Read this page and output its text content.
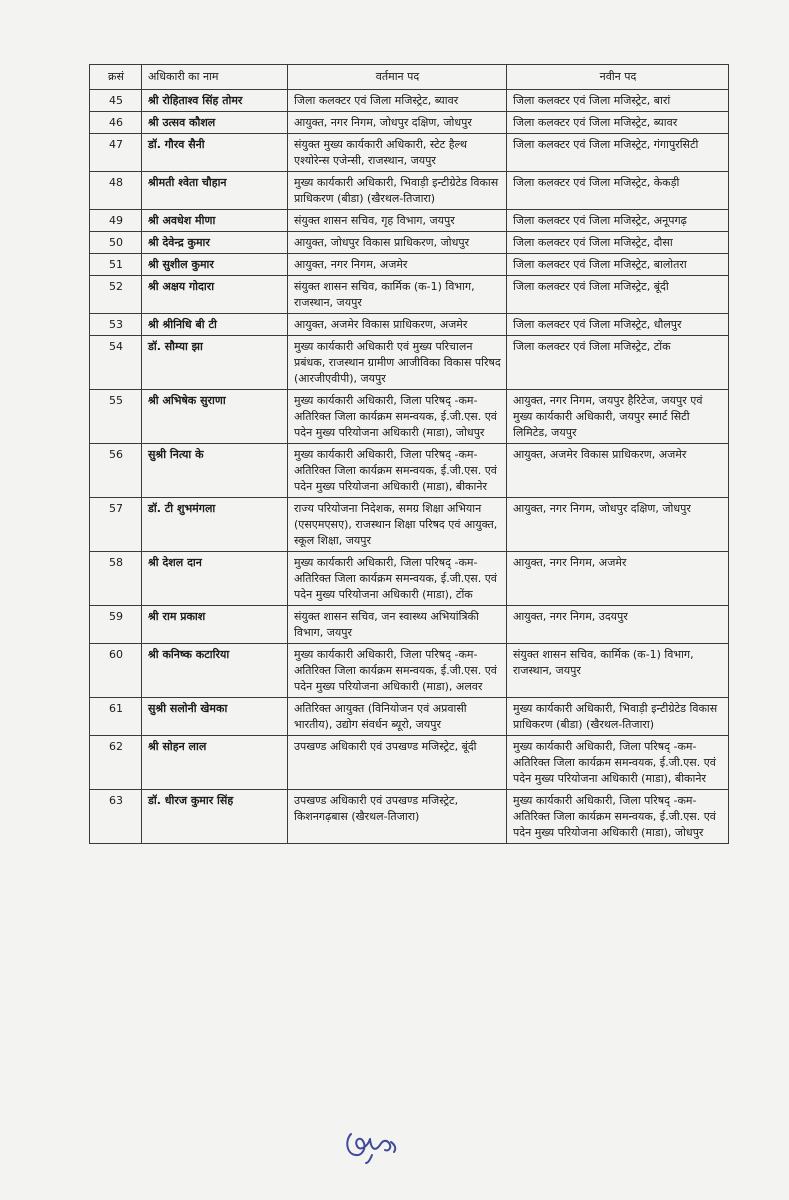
क्रसं	अधिकारी का नाम	वर्तमान पद	नवीन पद
45	श्री रोहिताश्व सिंह तोमर	जिला कलक्टर एवं जिला मजिस्ट्रेट, ब्यावर	जिला कलक्टर एवं जिला मजिस्ट्रेट, बारां
46	श्री उत्सव कौशल	आयुक्त, नगर निगम, जोधपुर दक्षिण, जोधपुर	जिला कलक्टर एवं जिला मजिस्ट्रेट, ब्यावर
47	डॉ. गौरव सैनी	संयुक्त मुख्य कार्यकारी अधिकारी, स्टेट हैल्थ एश्योरेन्स एजेन्सी, राजस्थान, जयपुर	जिला कलक्टर एवं जिला मजिस्ट्रेट, गंगापुरसिटी
48	श्रीमती श्वेता चौहान	मुख्य कार्यकारी अधिकारी, भिवाड़ी इन्टीग्रेटेड विकास प्राधिकरण (बीडा) (खैरथल-तिजारा)	जिला कलक्टर एवं जिला मजिस्ट्रेट, केकड़ी
49	श्री अवधेश मीणा	संयुक्त शासन सचिव, गृह विभाग, जयपुर	जिला कलक्टर एवं जिला मजिस्ट्रेट, अनूपगढ़
50	श्री देवेन्द्र कुमार	आयुक्त, जोधपुर विकास प्राधिकरण, जोधपुर	जिला कलक्टर एवं जिला मजिस्ट्रेट, दौसा
51	श्री सुशील कुमार	आयुक्त, नगर निगम, अजमेर	जिला कलक्टर एवं जिला मजिस्ट्रेट, बालोतरा
52	श्री अक्षय गोदारा	संयुक्त शासन सचिव, कार्मिक (क-1) विभाग, राजस्थान, जयपुर	जिला कलक्टर एवं जिला मजिस्ट्रेट, बूंदी
53	श्री श्रीनिधि बी टी	आयुक्त, अजमेर विकास प्राधिकरण, अजमेर	जिला कलक्टर एवं जिला मजिस्ट्रेट, धौलपुर
54	डॉ. सौम्या झा	मुख्य कार्यकारी अधिकारी एवं मुख्य परिचालन प्रबंधक, राजस्थान ग्रामीण आजीविका विकास परिषद (आरजीएवीपी), जयपुर	जिला कलक्टर एवं जिला मजिस्ट्रेट, टोंक
55	श्री अभिषेक सुराणा	मुख्य कार्यकारी अधिकारी, जिला परिषद् -कम- अतिरिक्त जिला कार्यक्रम समन्वयक, ई.जी.एस. एवं पदेन मुख्य परियोजना अधिकारी (माडा), जोधपुर	आयुक्त, नगर निगम, जयपुर हैरिटेज, जयपुर एवं मुख्य कार्यकारी अधिकारी, जयपुर स्मार्ट सिटी लिमिटेड, जयपुर
56	सुश्री नित्या के	मुख्य कार्यकारी अधिकारी, जिला परिषद् -कम- अतिरिक्त जिला कार्यक्रम समन्वयक, ई.जी.एस. एवं पदेन मुख्य परियोजना अधिकारी (माडा), बीकानेर	आयुक्त, अजमेर विकास प्राधिकरण, अजमेर
57	डॉ. टी शुभमंगला	राज्य परियोजना निदेशक, समग्र शिक्षा अभियान (एसएमएसए), राजस्थान शिक्षा परिषद एवं आयुक्त, स्कूल शिक्षा, जयपुर	आयुक्त, नगर निगम, जोधपुर दक्षिण, जोधपुर
58	श्री देशल दान	मुख्य कार्यकारी अधिकारी, जिला परिषद् -कम- अतिरिक्त जिला कार्यक्रम समन्वयक, ई.जी.एस. एवं पदेन मुख्य परियोजना अधिकारी (माडा), टोंक	आयुक्त, नगर निगम, अजमेर
59	श्री राम प्रकाश	संयुक्त शासन सचिव, जन स्वास्थ्य अभियांत्रिकी विभाग, जयपुर	आयुक्त, नगर निगम, उदयपुर
60	श्री कनिष्क कटारिया	मुख्य कार्यकारी अधिकारी, जिला परिषद् -कम- अतिरिक्त जिला कार्यक्रम समन्वयक, ई.जी.एस. एवं पदेन मुख्य परियोजना अधिकारी (माडा), अलवर	संयुक्त शासन सचिव, कार्मिक (क-1) विभाग, राजस्थान, जयपुर
61	सुश्री सलोनी खेमका	अतिरिक्त आयुक्त (विनियोजन एवं अप्रवासी भारतीय), उद्योग संवर्धन ब्यूरो, जयपुर	मुख्य कार्यकारी अधिकारी, भिवाड़ी इन्टीग्रेटेड विकास प्राधिकरण (बीडा) (खैरथल-तिजारा)
62	श्री सोहन लाल	उपखण्ड अधिकारी एवं उपखण्ड मजिस्ट्रेट, बूंदी	मुख्य कार्यकारी अधिकारी, जिला परिषद् -कम- अतिरिक्त जिला कार्यक्रम समन्वयक, ई.जी.एस. एवं पदेन मुख्य परियोजना अधिकारी (माडा), बीकानेर
63	डॉ. धीरज कुमार सिंह	उपखण्ड अधिकारी एवं उपखण्ड मजिस्ट्रेट, किशनगढ़बास (खैरथल-तिजारा)	मुख्य कार्यकारी अधिकारी, जिला परिषद् -कम- अतिरिक्त जिला कार्यक्रम समन्वयक, ई.जी.एस. एवं पदेन मुख्य परियोजना अधिकारी (माडा), जोधपुर
